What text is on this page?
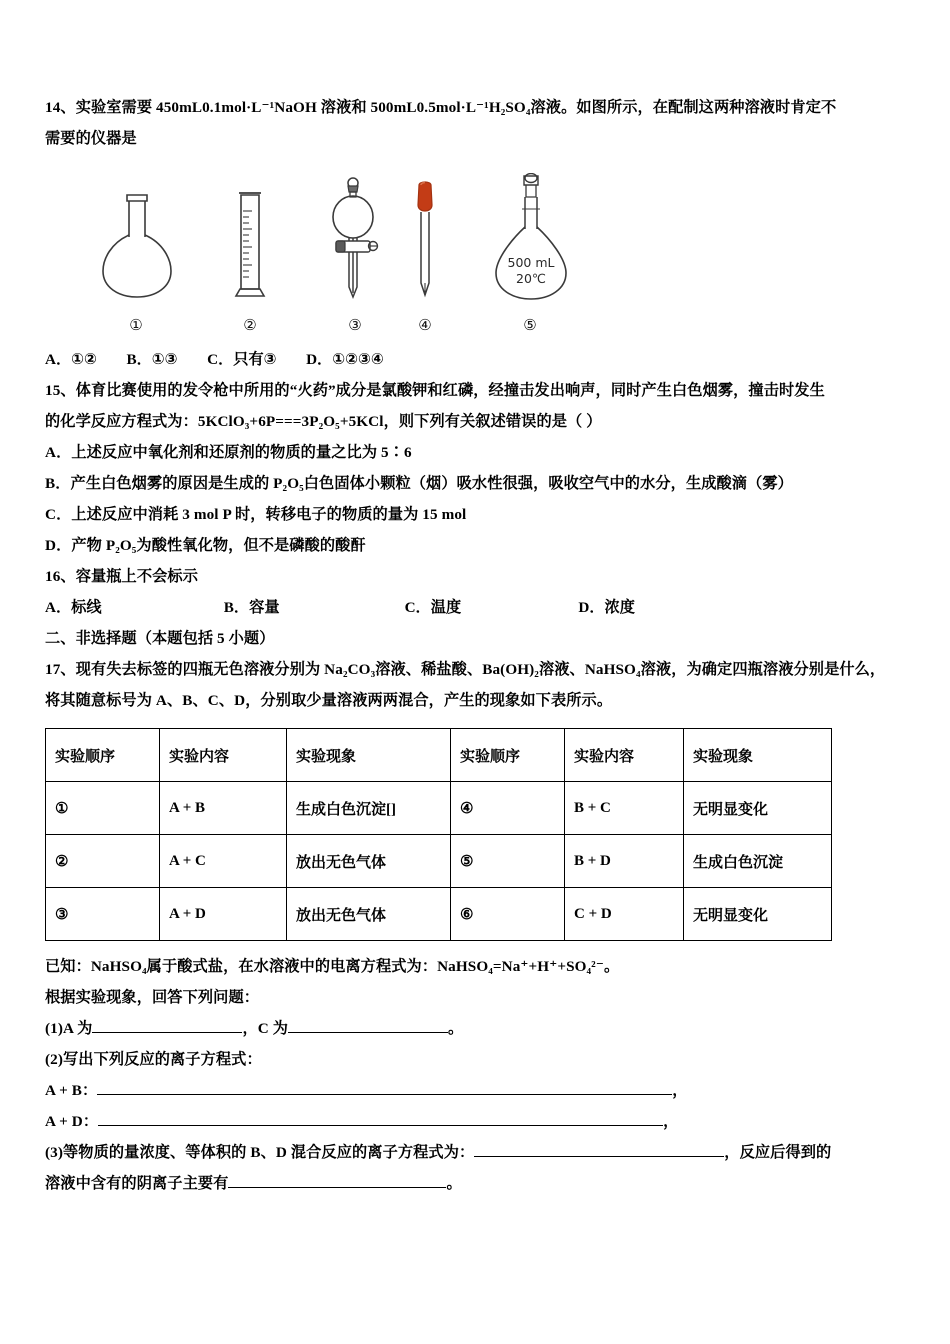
14、实验室需要 450mL0.1mol·L⁻¹NaOH 溶液和 500mL0.5mol·L⁻¹H₂SO₄溶液。如图所示，在配制这两种溶液时肯定不
需要的仪器是
500 mL
20℃
①	②	③	④	⑤
A．①② B．①③ C．只有③ D．①②③④
15、体育比赛使用的发令枪中所用的“火药”成分是氯酸钾和红磷，经撞击发出响声，同时产生白色烟雾，撞击时发生
的化学反应方程式为：5KClO₃+6P===3P₂O₅+5KCl，则下列有关叙述错误的是（ ）
A．上述反应中氧化剂和还原剂的物质的量之比为 5∶6
B．产生白色烟雾的原因是生成的 P₂O₅白色固体小颗粒（烟）吸水性很强，吸收空气中的水分，生成酸滴（雾）
C．上述反应中消耗 3 mol P 时，转移电子的物质的量为 15 mol
D．产物 P₂O₅为酸性氧化物，但不是磷酸的酸酐
16、容量瓶上不会标示
A．标线	B．容量	C．温度	D．浓度
二、非选择题（本题包括 5 小题）
17、现有失去标签的四瓶无色溶液分别为 Na₂CO₃溶液、稀盐酸、Ba(OH)₂溶液、NaHSO₄溶液，为确定四瓶溶液分别是什么，
将其随意标号为 A、B、C、D，分别取少量溶液两两混合，产生的现象如下表所示。
实验顺序	实验内容	实验现象	实验顺序	实验内容	实验现象
①	A + B	生成白色沉淀[]	④	B + C	无明显变化
②	A + C	放出无色气体	⑤	B + D	生成白色沉淀
③	A + D	放出无色气体	⑥	C + D	无明显变化
已知：NaHSO₄属于酸式盐，在水溶液中的电离方程式为：NaHSO₄=Na⁺+H⁺+SO₄²⁻。
根据实验现象，回答下列问题：
(1)A 为	，C 为	。
(2)写出下列反应的离子方程式：
A + B：	，
A + D：	，
(3)等物质的量浓度、等体积的 B、D 混合反应的离子方程式为：	，反应后得到的
溶液中含有的阴离子主要有	。
